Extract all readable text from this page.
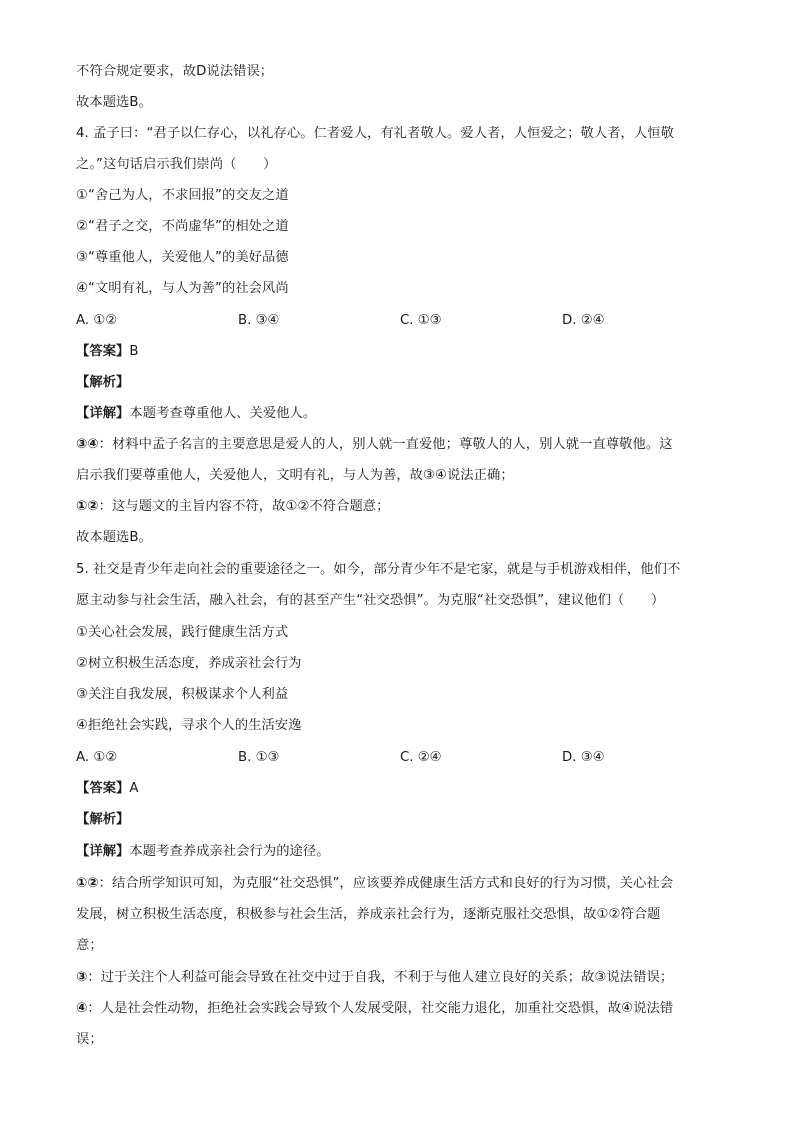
不符合规定要求，故D说法错误；
故本题选B。
4. 孟子曰：“君子以仁存心，以礼存心。仁者爱人，有礼者敬人。爱人者，人恒爱之；敬人者，人恒敬
之。”这句话启示我们崇尚（　　）
①“舍己为人，不求回报”的交友之道
②“君子之交，不尚虚华”的相处之道
③“尊重他人，关爱他人”的美好品德
④“文明有礼，与人为善”的社会风尚
A. ①②	B. ③④	C. ①③	D. ②④
【答案】B
【解析】
【详解】本题考查尊重他人、关爱他人。
③④：材料中孟子名言的主要意思是爱人的人，别人就一直爱他；尊敬人的人，别人就一直尊敬他。这
启示我们要尊重他人，关爱他人，文明有礼，与人为善，故③④说法正确；
①②：这与题文的主旨内容不符，故①②不符合题意；
故本题选B。
5. 社交是青少年走向社会的重要途径之一。如今，部分青少年不是宅家，就是与手机游戏相伴，他们不
愿主动参与社会生活，融入社会，有的甚至产生“社交恐惧”。为克服“社交恐惧”，建议他们（　　）
①关心社会发展，践行健康生活方式
②树立积极生活态度，养成亲社会行为
③关注自我发展，积极谋求个人利益
④拒绝社会实践，寻求个人的生活安逸
A. ①②	B. ①③	C. ②④	D. ③④
【答案】A
【解析】
【详解】本题考查养成亲社会行为的途径。
①②：结合所学知识可知，为克服“社交恐惧”，应该要养成健康生活方式和良好的行为习惯，关心社会
发展，树立积极生活态度，积极参与社会生活，养成亲社会行为，逐渐克服社交恐惧，故①②符合题
意；
③：过于关注个人利益可能会导致在社交中过于自我，不利于与他人建立良好的关系；故③说法错误；
④：人是社会性动物，拒绝社会实践会导致个人发展受限，社交能力退化，加重社交恐惧，故④说法错
误；
